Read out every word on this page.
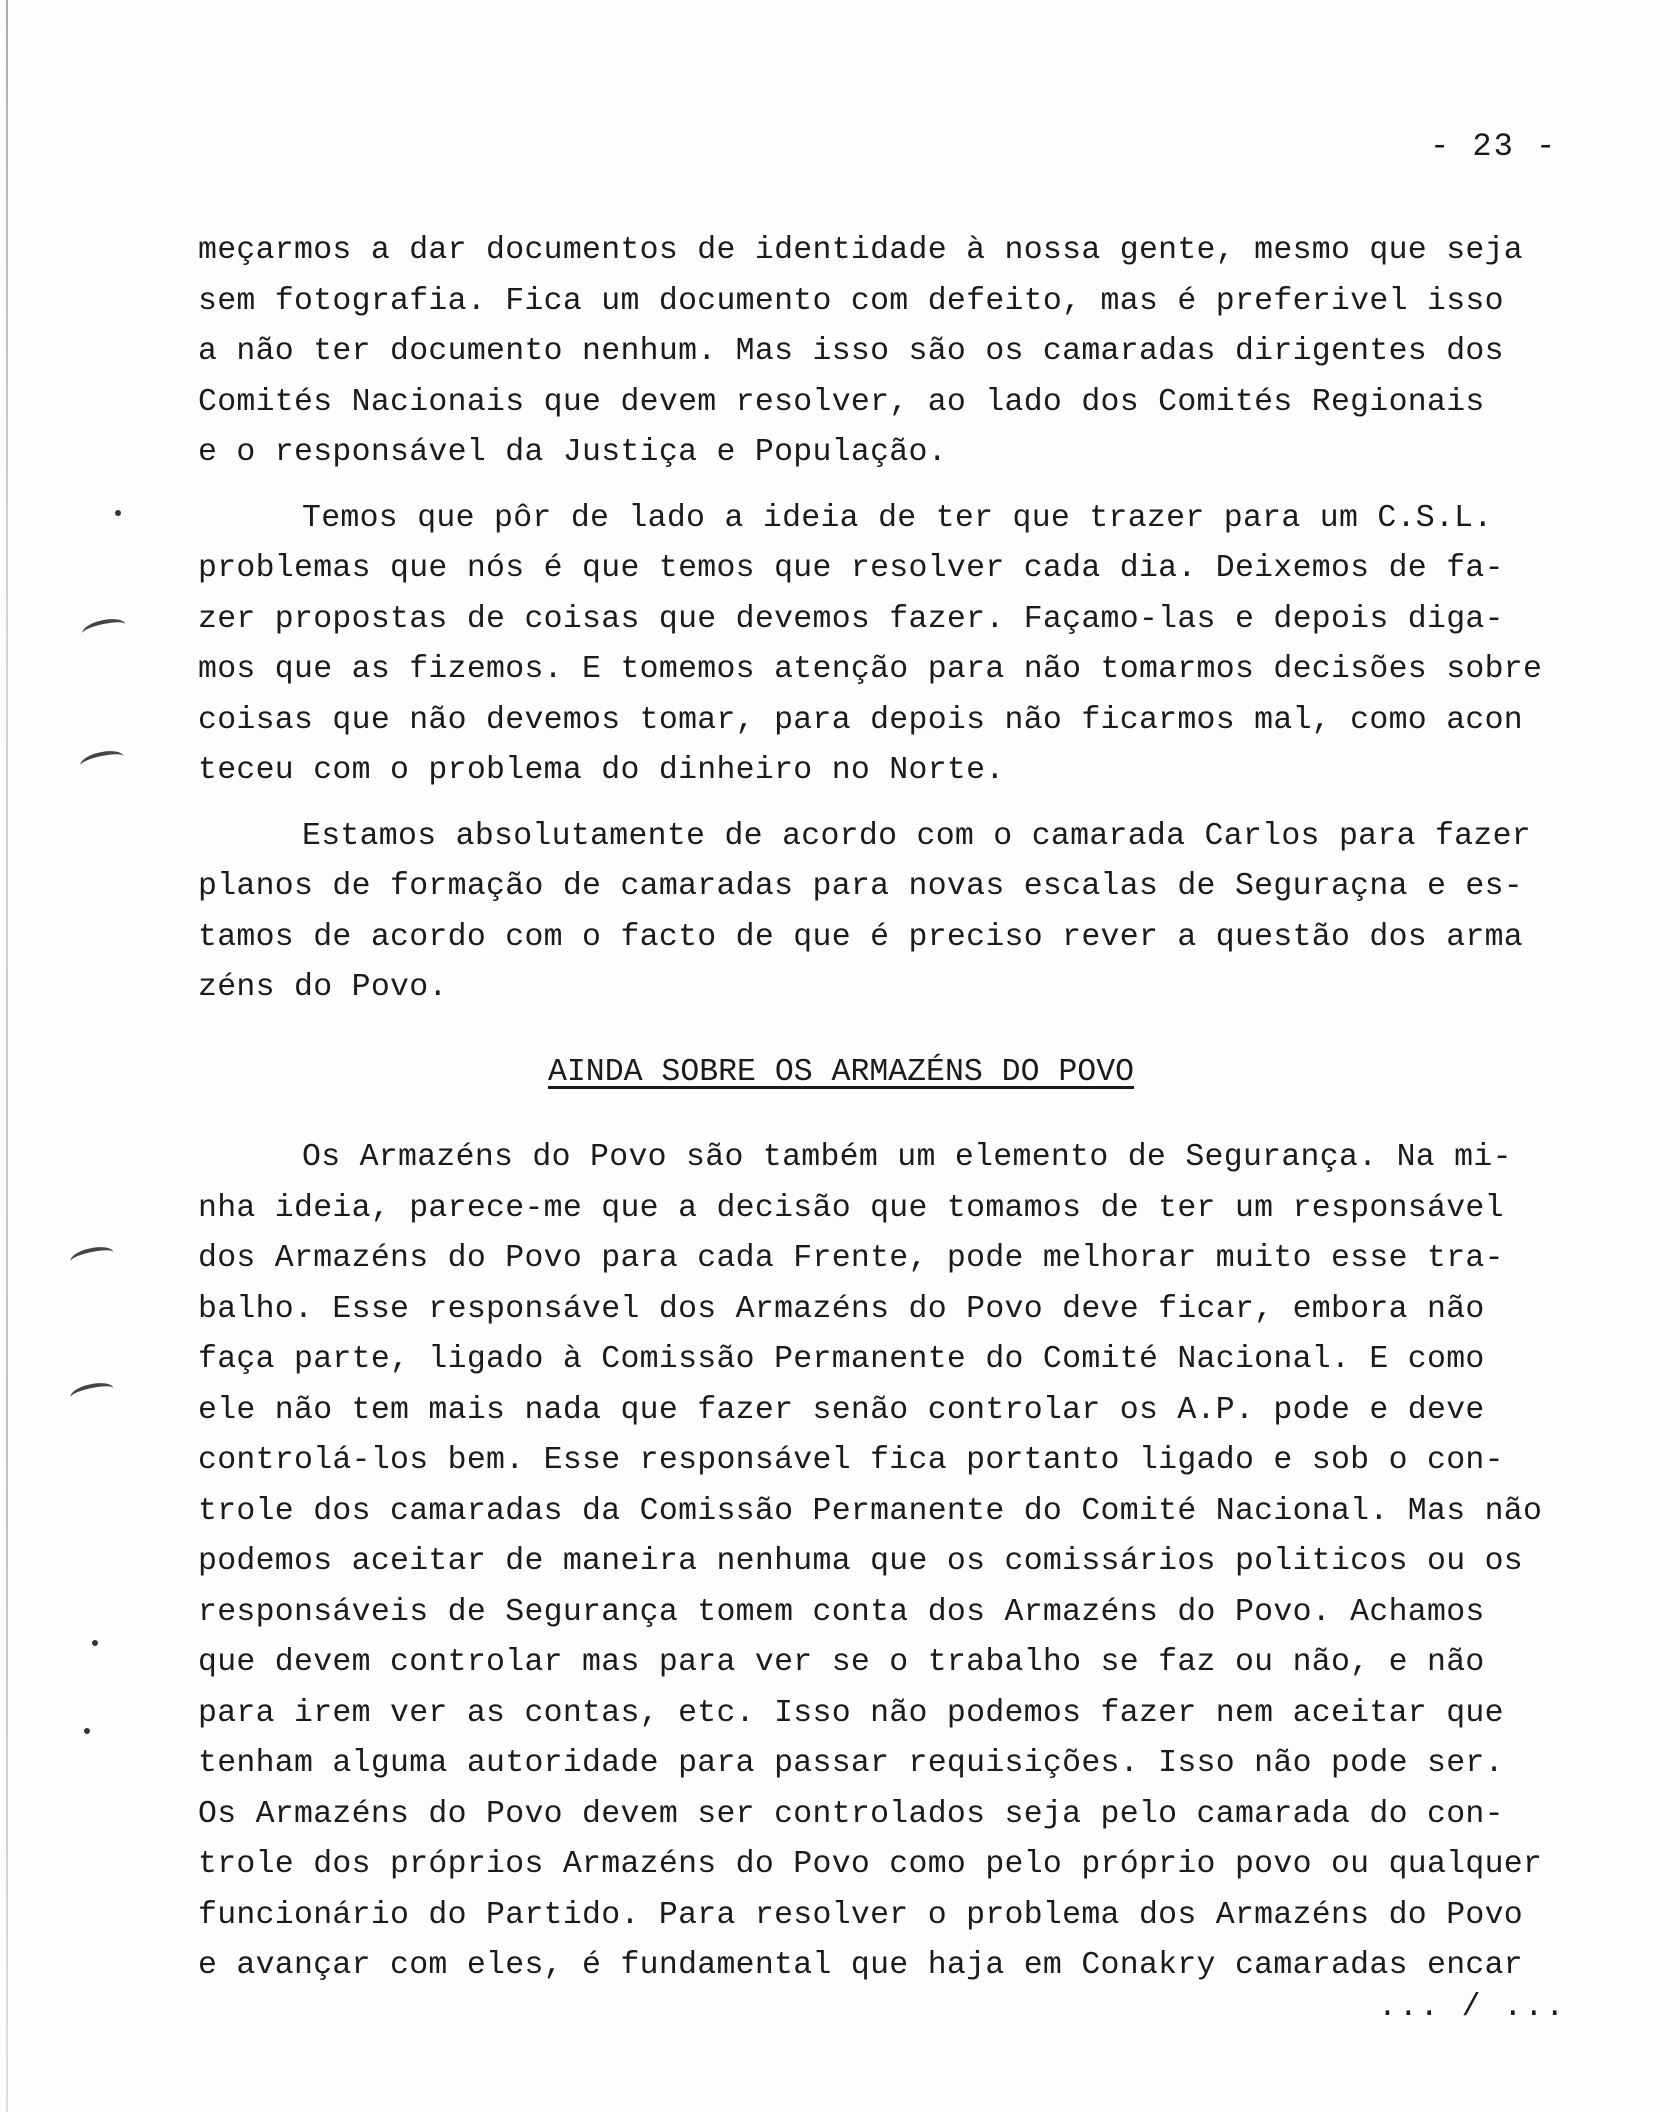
- 23 -
meçarmos a dar documentos de identidade à nossa gente, mesmo que seja
sem fotografia. Fica um documento com defeito, mas é preferivel isso
a não ter documento nenhum. Mas isso são os camaradas dirigentes dos
Comités Nacionais que devem resolver, ao lado dos Comités Regionais
e o responsável da Justiça e População.
Temos que pôr de lado a ideia de ter que trazer para um C.S.L.
problemas que nós é que temos que resolver cada dia. Deixemos de fa-
zer propostas de coisas que devemos fazer. Façamo-las e depois diga-
mos que as fizemos. E tomemos atenção para não tomarmos decisões sobre
coisas que não devemos tomar, para depois não ficarmos mal, como acon
teceu com o problema do dinheiro no Norte.
Estamos absolutamente de acordo com o camarada Carlos para fazer
planos de formação de camaradas para novas escalas de Seguraçna e es-
tamos de acordo com o facto de que é preciso rever a questão dos arma
zéns do Povo.
AINDA SOBRE OS ARMAZÉNS DO POVO
Os Armazéns do Povo são também um elemento de Segurança. Na mi-
nha ideia, parece-me que a decisão que tomamos de ter um responsável
dos Armazéns do Povo para cada Frente, pode melhorar muito esse tra-
balho. Esse responsável dos Armazéns do Povo deve ficar, embora não
faça parte, ligado à Comissão Permanente do Comité Nacional. E como
ele não tem mais nada que fazer senão controlar os A.P. pode e deve
controlá-los bem. Esse responsável fica portanto ligado e sob o con-
trole dos camaradas da Comissão Permanente do Comité Nacional. Mas não
podemos aceitar de maneira nenhuma que os comissários politicos ou os
responsáveis de Segurança tomem conta dos Armazéns do Povo. Achamos
que devem controlar mas para ver se o trabalho se faz ou não, e não
para irem ver as contas, etc. Isso não podemos fazer nem aceitar que
tenham alguma autoridade para passar requisições. Isso não pode ser.
Os Armazéns do Povo devem ser controlados seja pelo camarada do con-
trole dos próprios Armazéns do Povo como pelo próprio povo ou qualquer
funcionário do Partido. Para resolver o problema dos Armazéns do Povo
e avançar com eles, é fundamental que haja em Conakry camaradas encar
... / ...
